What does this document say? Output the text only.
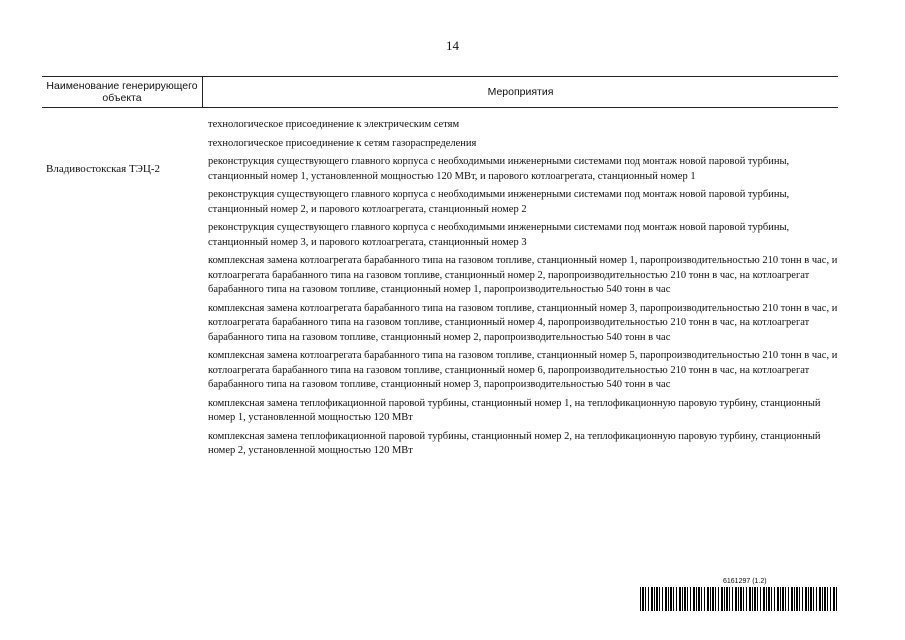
14
Наименование генерирующего объекта	Мероприятия
Владивостокская ТЭЦ-2
технологическое присоединение к электрическим сетям
технологическое присоединение к сетям газораспределения
реконструкция существующего главного корпуса с необходимыми инженерными системами под монтаж новой паровой турбины, станционный номер 1, установленной мощностью 120 МВт, и парового котлоагрегата, станционный номер 1
реконструкция существующего главного корпуса с необходимыми инженерными системами под монтаж новой паровой турбины, станционный номер 2, и парового котлоагрегата, станционный номер 2
реконструкция существующего главного корпуса с необходимыми инженерными системами под монтаж новой паровой турбины, станционный номер 3, и парового котлоагрегата, станционный номер 3
комплексная замена котлоагрегата барабанного типа на газовом топливе, станционный номер 1, паропроизводительностью 210 тонн в час, и котлоагрегата барабанного типа на газовом топливе, станционный номер 2, паропроизводительностью 210 тонн в час, на котлоагрегат барабанного типа на газовом топливе, станционный номер 1, паропроизводительностью 540 тонн в час
комплексная замена котлоагрегата барабанного типа на газовом топливе, станционный номер 3, паропроизводительностью 210 тонн в час, и котлоагрегата барабанного типа на газовом топливе, станционный номер 4, паропроизводительностью 210 тонн в час, на котлоагрегат барабанного типа на газовом топливе, станционный номер 2, паропроизводительностью 540 тонн в час
комплексная замена котлоагрегата барабанного типа на газовом топливе, станционный номер 5, паропроизводительностью 210 тонн в час, и котлоагрегата барабанного типа на газовом топливе, станционный номер 6, паропроизводительностью 210 тонн в час, на котлоагрегат барабанного типа на газовом топливе, станционный номер 3, паропроизводительностью 540 тонн в час
комплексная замена теплофикационной паровой турбины, станционный номер 1, на теплофикационную паровую турбину, станционный номер 1, установленной мощностью 120 МВт
комплексная замена теплофикационной паровой турбины, станционный номер 2, на теплофикационную паровую турбину, станционный номер 2, установленной мощностью 120 МВт
6161297 (1.2)
